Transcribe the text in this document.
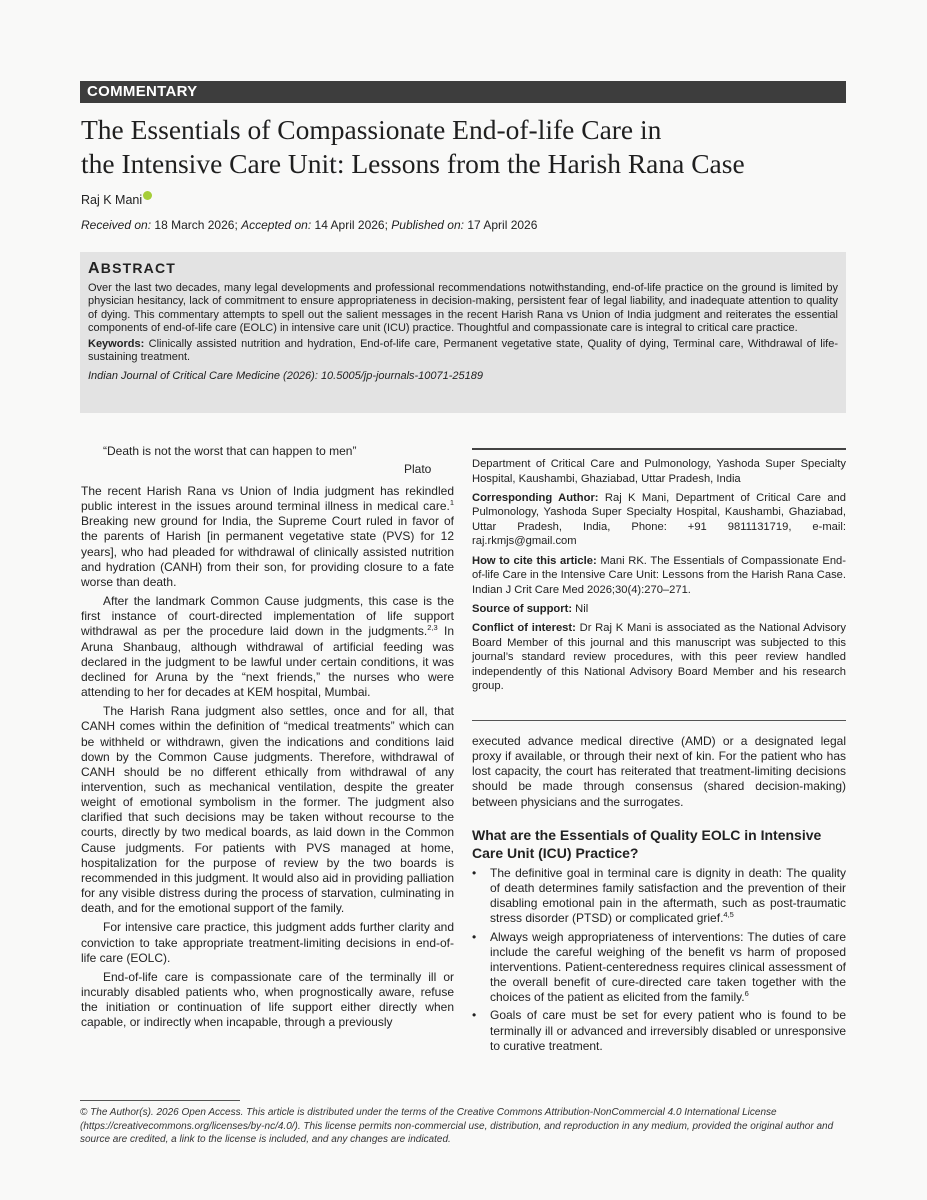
COMMENTARY
The Essentials of Compassionate End-of-life Care in
the Intensive Care Unit: Lessons from the Harish Rana Case
Raj K Mani
Received on: 18 March 2026; Accepted on: 14 April 2026; Published on: 17 April 2026
ABSTRACT
Over the last two decades, many legal developments and professional recommendations notwithstanding, end-of-life practice on the ground is limited by physician hesitancy, lack of commitment to ensure appropriateness in decision-making, persistent fear of legal liability, and inadequate attention to quality of dying. This commentary attempts to spell out the salient messages in the recent Harish Rana vs Union of India judgment and reiterates the essential components of end-of-life care (EOLC) in intensive care unit (ICU) practice. Thoughtful and compassionate care is integral to critical care practice.
Keywords: Clinically assisted nutrition and hydration, End-of-life care, Permanent vegetative state, Quality of dying, Terminal care, Withdrawal of life-sustaining treatment.
Indian Journal of Critical Care Medicine (2026): 10.5005/jp-journals-10071-25189
“Death is not the worst that can happen to men”
Plato

The recent Harish Rana vs Union of India judgment has rekindled public interest in the issues around terminal illness in medical care.$^1$ Breaking new ground for India, the Supreme Court ruled in favor of the parents of Harish [in permanent vegetative state (PVS) for 12 years], who had pleaded for withdrawal of clinically assisted nutrition and hydration (CANH) from their son, for providing closure to a fate worse than death.

After the landmark Common Cause judgments, this case is the first instance of court-directed implementation of life support withdrawal as per the procedure laid down in the judgments.$^{2,3}$ In Aruna Shanbaug, although withdrawal of artificial feeding was declared in the judgment to be lawful under certain conditions, it was declined for Aruna by the “next friends,” the nurses who were attending to her for decades at KEM hospital, Mumbai.

The Harish Rana judgment also settles, once and for all, that CANH comes within the definition of “medical treatments” which can be withheld or withdrawn, given the indications and conditions laid down by the Common Cause judgments. Therefore, withdrawal of CANH should be no different ethically from withdrawal of any intervention, such as mechanical ventilation, despite the greater weight of emotional symbolism in the former. The judgment also clarified that such decisions may be taken without recourse to the courts, directly by two medical boards, as laid down in the Common Cause judgments. For patients with PVS managed at home, hospitalization for the purpose of review by the two boards is recommended in this judgment. It would also aid in providing palliation for any visible distress during the process of starvation, culminating in death, and for the emotional support of the family.

For intensive care practice, this judgment adds further clarity and conviction to take appropriate treatment-limiting decisions in end-of-life care (EOLC).

End-of-life care is compassionate care of the terminally ill or incurably disabled patients who, when prognostically aware, refuse the initiation or continuation of life support either directly when capable, or indirectly when incapable, through a previously

Department of Critical Care and Pulmonology, Yashoda Super Specialty Hospital, Kaushambi, Ghaziabad, Uttar Pradesh, India

Corresponding Author: Raj K Mani, Department of Critical Care and Pulmonology, Yashoda Super Specialty Hospital, Kaushambi, Ghaziabad, Uttar Pradesh, India, Phone: +91 9811131719, e-mail: raj.rkmjs@gmail.com

How to cite this article: Mani RK. The Essentials of Compassionate End-of-life Care in the Intensive Care Unit: Lessons from the Harish Rana Case. Indian J Crit Care Med 2026;30(4):270–271.

Source of support: Nil

Conflict of interest: Dr Raj K Mani is associated as the National Advisory Board Member of this journal and this manuscript was subjected to this journal’s standard review procedures, with this peer review handled independently of this National Advisory Board Member and his research group.

executed advance medical directive (AMD) or a designated legal proxy if available, or through their next of kin. For the patient who has lost capacity, the court has reiterated that treatment-limiting decisions should be made through consensus (shared decision-making) between physicians and the surrogates.
What are the Essentials of Quality EOLC in Intensive Care Unit (ICU) Practice?
• The definitive goal in terminal care is dignity in death: The quality of death determines family satisfaction and the prevention of their disabling emotional pain in the aftermath, such as post-traumatic stress disorder (PTSD) or complicated grief.$^{4,5}$
• Always weigh appropriateness of interventions: The duties of care include the careful weighing of the benefit vs harm of proposed interventions. Patient-centeredness requires clinical assessment of the overall benefit of cure-directed care taken together with the choices of the patient as elicited from the family.$^6$
• Goals of care must be set for every patient who is found to be terminally ill or advanced and irreversibly disabled or unresponsive to curative treatment.
© The Author(s). 2026 Open Access. This article is distributed under the terms of the Creative Commons Attribution-NonCommercial 4.0 International License (https://creativecommons.org/licenses/by-nc/4.0/). This license permits non-commercial use, distribution, and reproduction in any medium, provided the original author and source are credited, a link to the license is included, and any changes are indicated.
